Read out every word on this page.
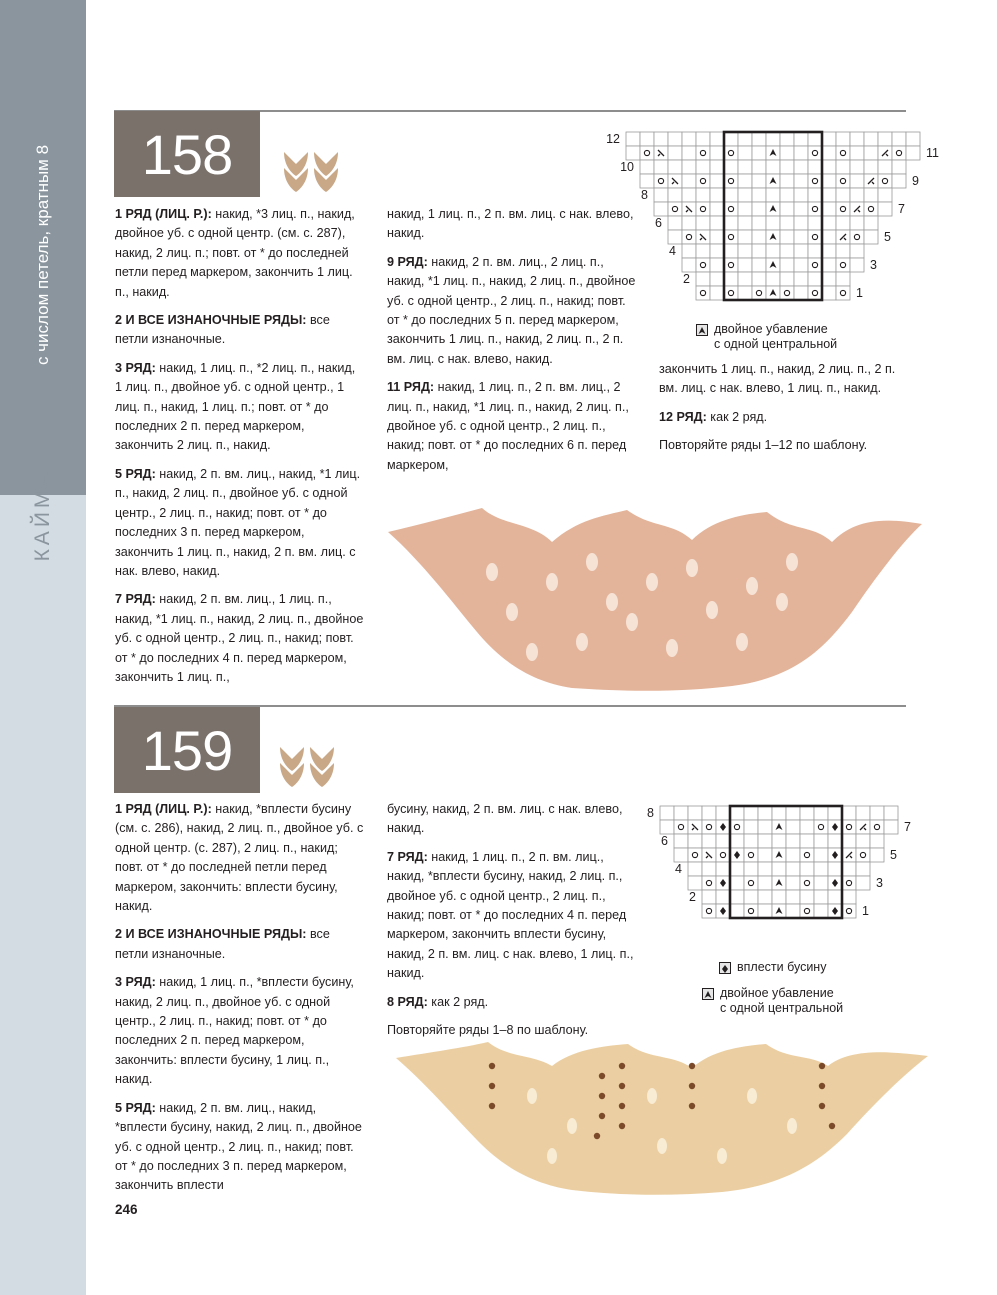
с числом петель, кратным 8
КАЙМА
158

1 РЯД (ЛИЦ. Р.): накид, *3 лиц. п., накид, двойное уб. с одной центр. (см. с. 287), накид, 2 лиц. п.; повт. от * до последней петли перед маркером, закончить 1 лиц. п., накид.

2 И ВСЕ ИЗНАНОЧНЫЕ РЯДЫ: все петли изнаночные.

3 РЯД: накид, 1 лиц. п., *2 лиц. п., накид, 1 лиц. п., двойное уб. с одной центр., 1 лиц. п., накид, 1 лиц. п.; повт. от * до последних 2 п. перед маркером, закончить 2 лиц. п., накид.

5 РЯД: накид, 2 п. вм. лиц., накид, *1 лиц. п., накид, 2 лиц. п., двойное уб. с одной центр., 2 лиц. п., накид; повт. от * до последних 3 п. перед маркером, закончить 1 лиц. п., накид, 2 п. вм. лиц. с нак. влево, накид.

7 РЯД: накид, 2 п. вм. лиц., 1 лиц. п., накид, *1 лиц. п., накид, 2 лиц. п., двойное уб. с одной центр., 2 лиц. п., накид; повт. от * до последних 4 п. перед маркером, закончить 1 лиц. п.,

накид, 1 лиц. п., 2 п. вм. лиц. с нак. влево, накид.

9 РЯД: накид, 2 п. вм. лиц., 2 лиц. п., накид, *1 лиц. п., накид, 2 лиц. п., двойное уб. с одной центр., 2 лиц. п., накид; повт. от * до последних 5 п. перед маркером, закончить 1 лиц. п., накид, 2 лиц. п., 2 п. вм. лиц. с нак. влево, накид.

11 РЯД: накид, 1 лиц. п., 2 п. вм. лиц., 2 лиц. п., накид, *1 лиц. п., накид, 2 лиц. п., двойное уб. с одной центр., 2 лиц. п., накид; повт. от * до последних 6 п. перед маркером,

закончить 1 лиц. п., накид, 2 лиц. п., 2 п. вм. лиц. с нак. влево, 1 лиц. п., накид.

12 РЯД: как 2 ряд.

Повторяйте ряды 1–12 по шаблону.

12
10
8
6
4
2
11
9
7
5
3
1
двойное убавление
с одной центральной
159

1 РЯД (ЛИЦ. Р.): накид, *вплести бусину (см. с. 286), накид, 2 лиц. п., двойное уб. с одной центр. (с. 287), 2 лиц. п., накид; повт. от * до последней петли перед маркером, закончить: вплести бусину, накид.

2 И ВСЕ ИЗНАНОЧНЫЕ РЯДЫ: все петли изнаночные.

3 РЯД: накид, 1 лиц. п., *вплести бусину, накид, 2 лиц. п., двойное уб. с одной центр., 2 лиц. п., накид; повт. от * до последних 2 п. перед маркером, закончить: вплести бусину, 1 лиц. п., накид.

5 РЯД: накид, 2 п. вм. лиц., накид, *вплести бусину, накид, 2 лиц. п., двойное уб. с одной центр., 2 лиц. п., накид; повт. от * до последних 3 п. перед маркером, закончить вплести

бусину, накид, 2 п. вм. лиц. с нак. влево, накид.

7 РЯД: накид, 1 лиц. п., 2 п. вм. лиц., накид, *вплести бусину, накид, 2 лиц. п., двойное уб. с одной центр., 2 лиц. п., накид; повт. от * до последних 4 п. перед маркером, закончить вплести бусину, накид, 2 п. вм. лиц. с нак. влево, 1 лиц. п., накид.

8 РЯД: как 2 ряд.

Повторяйте ряды 1–8 по шаблону.

8
6
4
2
7
5
3
1
вплести бусину
двойное убавление
с одной центральной
246
